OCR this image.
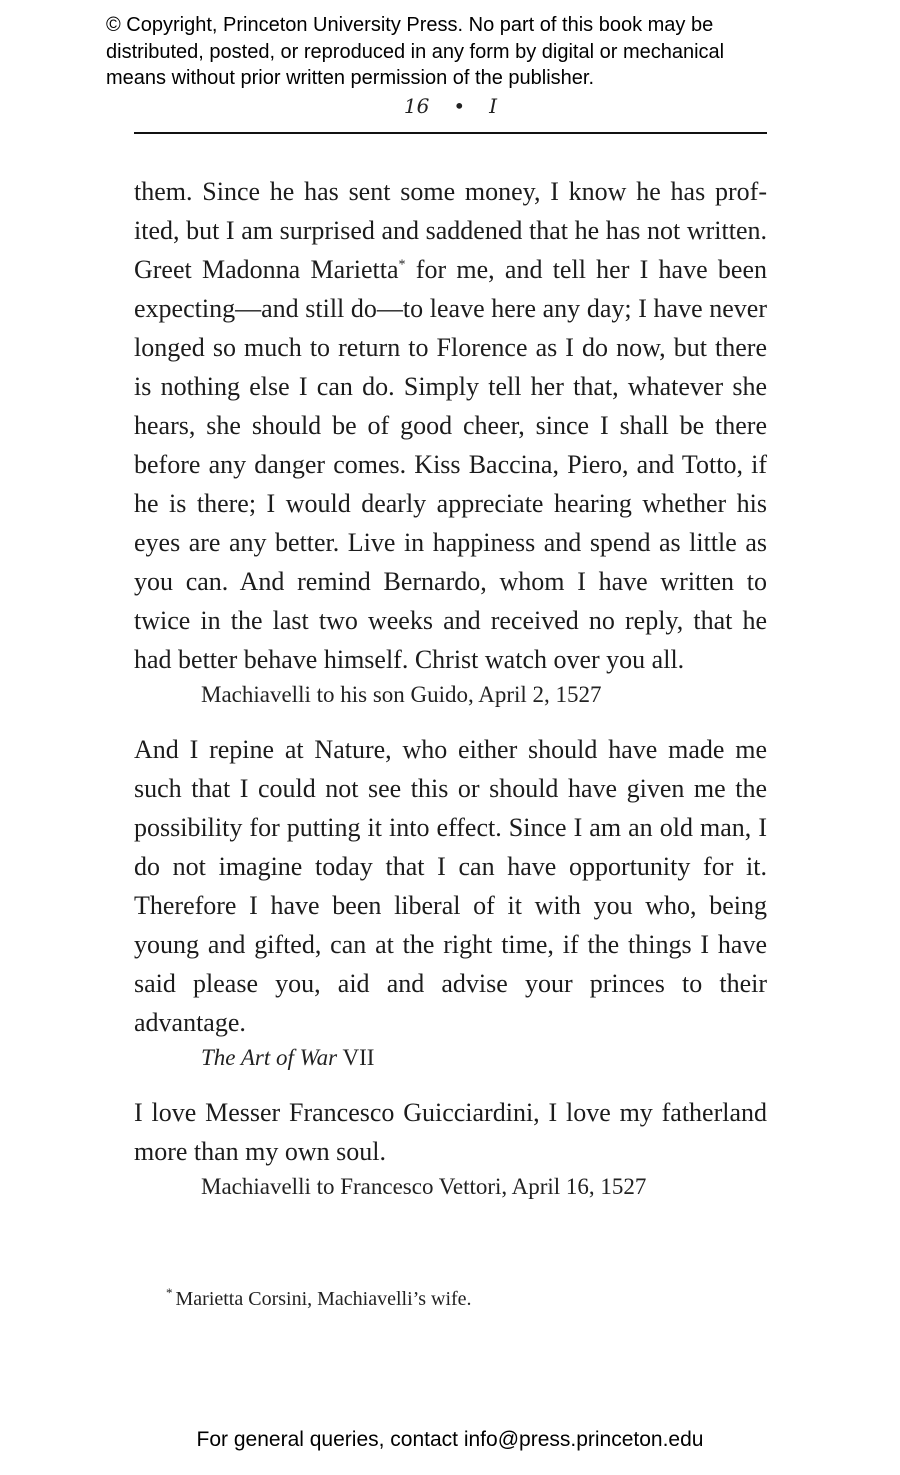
© Copyright, Princeton University Press. No part of this book may be
distributed, posted, or reproduced in any form by digital or mechanical
means without prior written permission of the publisher.
16 • I

them. Since he has sent some money, I know he has profited, but I am surprised and saddened that he has not written. Greet Madonna Marietta* for me, and tell her I have been expecting—and still do—to leave here any day; I have never longed so much to return to Florence as I do now, but there is nothing else I can do. Simply tell her that, whatever she hears, she should be of good cheer, since I shall be there before any danger comes. Kiss Baccina, Piero, and Totto, if he is there; I would dearly appreciate hearing whether his eyes are any better. Live in happiness and spend as little as you can. And remind Bernardo, whom I have written to twice in the last two weeks and received no reply, that he had better behave himself. Christ watch over you all.

Machiavelli to his son Guido, April 2, 1527

And I repine at Nature, who either should have made me such that I could not see this or should have given me the possibility for putting it into effect. Since I am an old man, I do not imagine today that I can have opportunity for it. Therefore I have been liberal of it with you who, being young and gifted, can at the right time, if the things I have said please you, aid and advise your princes to their advantage.

The Art of War VII

I love Messer Francesco Guicciardini, I love my fatherland more than my own soul.

Machiavelli to Francesco Vettori, April 16, 1527

* Marietta Corsini, Machiavelli’s wife.
For general queries, contact info@press.princeton.edu
